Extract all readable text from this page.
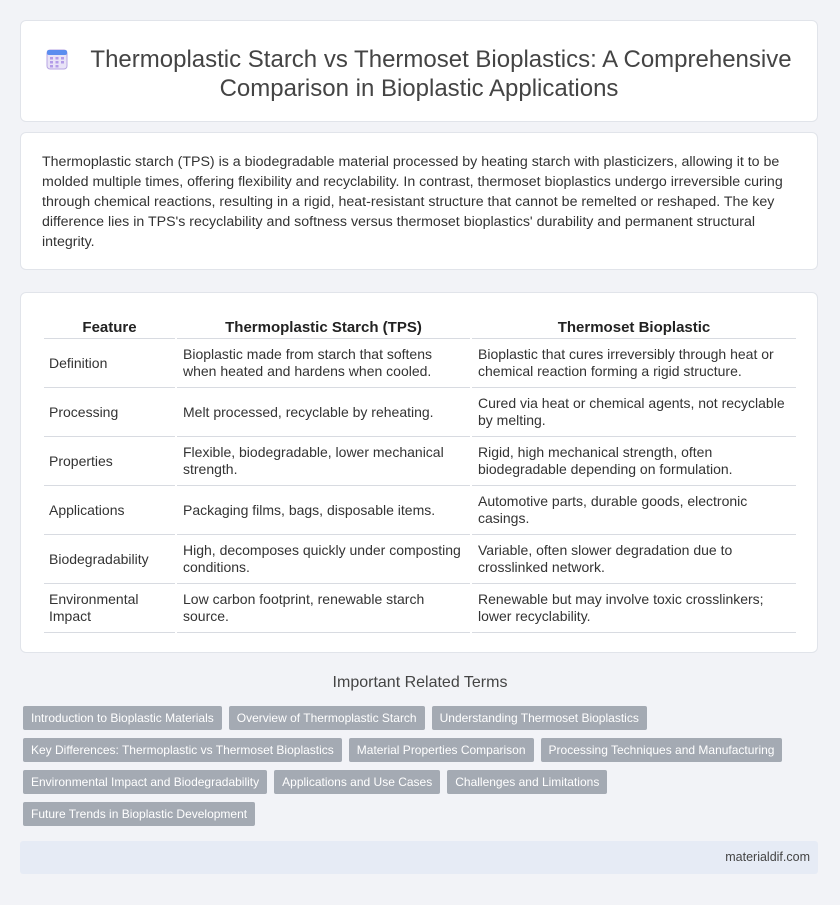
Thermoplastic Starch vs Thermoset Bioplastics: A Comprehensive
Comparison in Bioplastic Applications
Thermoplastic starch (TPS) is a biodegradable material processed by heating starch with plasticizers, allowing it to be molded multiple times, offering flexibility and recyclability. In contrast, thermoset bioplastics undergo irreversible curing through chemical reactions, resulting in a rigid, heat-resistant structure that cannot be remelted or reshaped. The key difference lies in TPS's recyclability and softness versus thermoset bioplastics' durability and permanent structural integrity.
Feature	Thermoplastic Starch (TPS)	Thermoset Bioplastic
Definition	Bioplastic made from starch that softens when heated and hardens when cooled.	Bioplastic that cures irreversibly through heat or chemical reaction forming a rigid structure.
Processing	Melt processed, recyclable by reheating.	Cured via heat or chemical agents, not recyclable by melting.
Properties	Flexible, biodegradable, lower mechanical strength.	Rigid, high mechanical strength, often biodegradable depending on formulation.
Applications	Packaging films, bags, disposable items.	Automotive parts, durable goods, electronic casings.
Biodegradability	High, decomposes quickly under composting conditions.	Variable, often slower degradation due to crosslinked network.
Environmental Impact	Low carbon footprint, renewable starch source.	Renewable but may involve toxic crosslinkers; lower recyclability.
Important Related Terms
Introduction to Bioplastic Materials	Overview of Thermoplastic Starch	Understanding Thermoset Bioplastics
Key Differences: Thermoplastic vs Thermoset Bioplastics	Material Properties Comparison	Processing Techniques and Manufacturing
Environmental Impact and Biodegradability	Applications and Use Cases	Challenges and Limitations
Future Trends in Bioplastic Development
materialdif.com
